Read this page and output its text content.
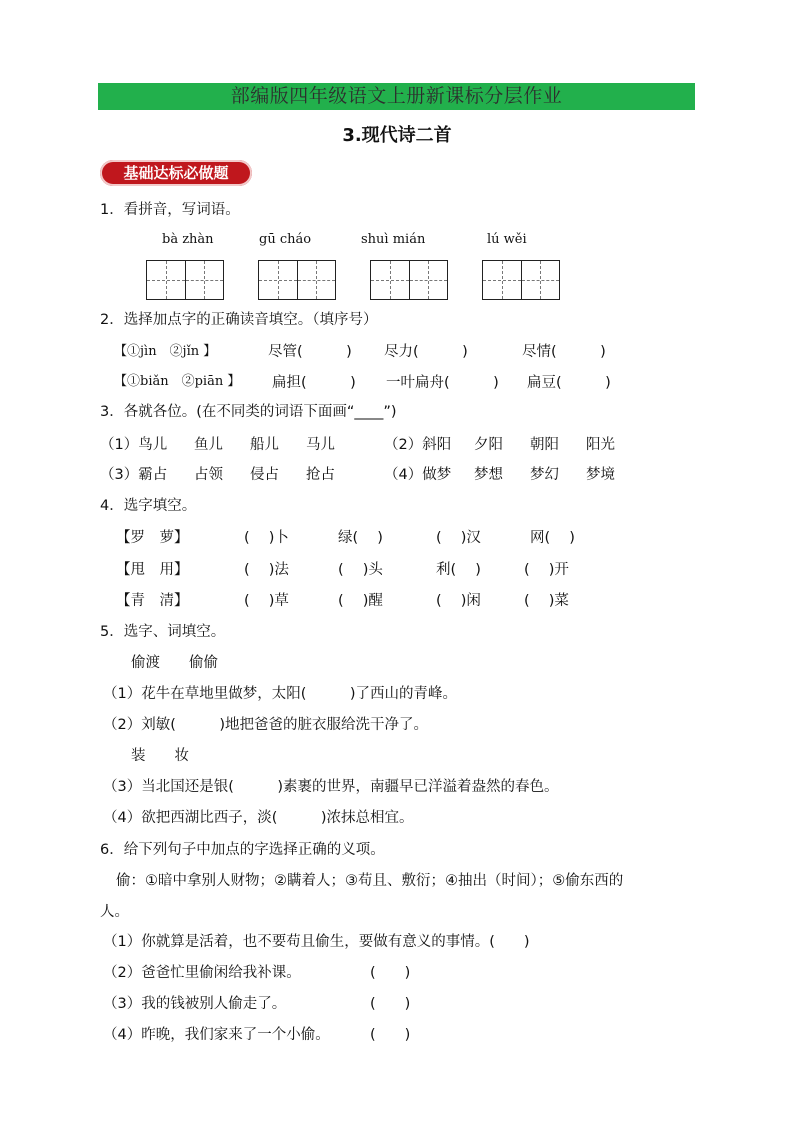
部编版四年级语文上册新课标分层作业
3.现代诗二首
基础达标必做题
1．看拼音，写词语。
bà zhàn	gū cháo	shuì mián	lú wěi
2．选择加点字的正确读音填空。（填序号）
【①jìn　②jǐn 】	尽管(　　　) 尽力(　　　)	尽情(　　　)
【①biǎn　②piān 】 扁担(　　　) 一叶扁舟(　　　) 扁豆(　　　)
3．各就各位。(在不同类的词语下面画“____”)
（1）鸟儿 鱼儿 船儿 马儿	（2）斜阳 夕阳 朝阳 阳光
（3）霸占 占领 侵占 抢占	（4）做梦 梦想 梦幻 梦境
4．选字填空。
【罗　萝】	(　 )卜	绿(　 )	(　 )汉	网(　 )
【甩　用】	(　 )法	(　 )头	利(　 )	(　 )开
【青　清】	(　 )草	(　 )醒	(　 )闲	(　 )菜
5．选字、词填空。
偷渡　　偷偷
（1）花牛在草地里做梦，太阳(　　　)了西山的青峰。
（2）刘敏(　　　)地把爸爸的脏衣服给洗干净了。
装　　妆
（3）当北国还是银(　　　)素裹的世界，南疆早已洋溢着盎然的春色。
（4）欲把西湖比西子，淡(　　　)浓抹总相宜。
6．给下列句子中加点的字选择正确的义项。
偷：①暗中拿别人财物；②瞒着人；③苟且、敷衍；④抽出（时间）；⑤偷东西的
人。
（1）你就算是活着，也不要苟且偷生，要做有意义的事情。(　　)
（2）爸爸忙里偷闲给我补课。	(　　)
（3）我的钱被别人偷走了。	(　　)
（4）昨晚，我们家来了一个小偷。	(　　)
